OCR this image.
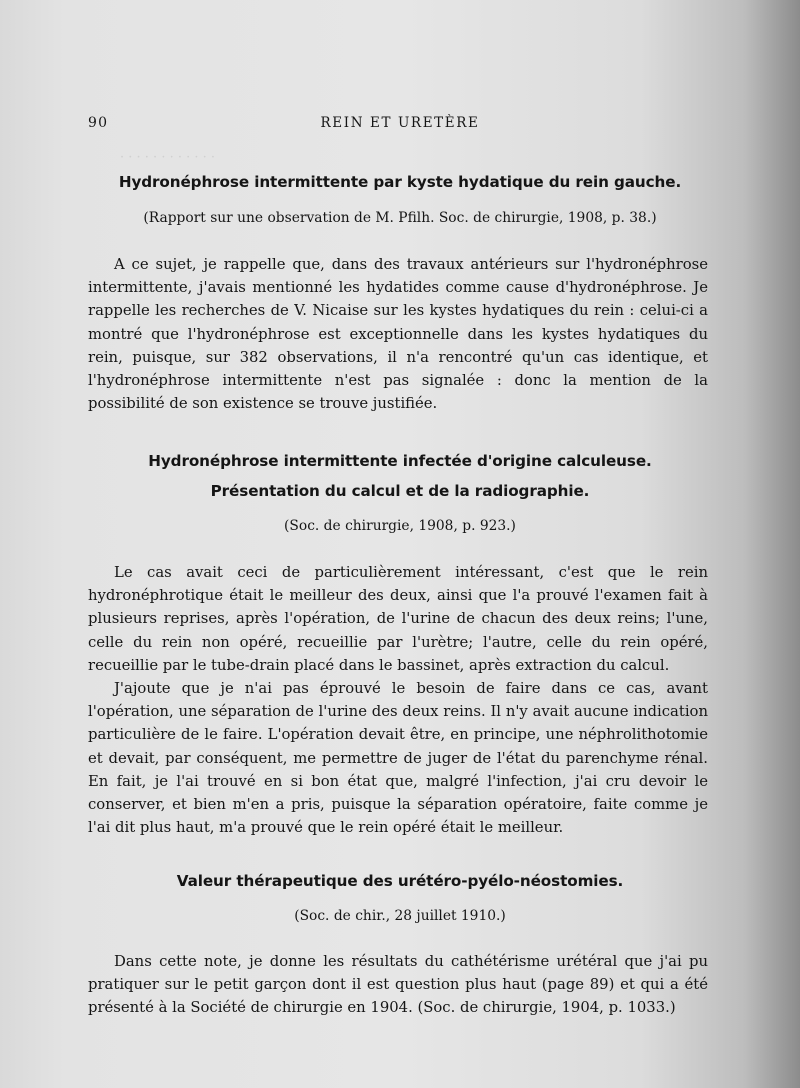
· · · · · · · · · · · ·
90	REIN ET URETÈRE
Hydronéphrose intermittente par kyste hydatique du rein gauche.
(Rapport sur une observation de M. Pfilh. Soc. de chirurgie, 1908, p. 38.)

A ce sujet, je rappelle que, dans des travaux antérieurs sur l'hydronéphrose intermittente, j'avais mentionné les hydatides comme cause d'hydronéphrose. Je rappelle les recherches de V. Nicaise sur les kystes hydatiques du rein : celui-ci a montré que l'hydronéphrose est exceptionnelle dans les kystes hydatiques du rein, puisque, sur 382 observations, il n'a rencontré qu'un cas identique, et l'hydronéphrose intermittente n'est pas signalée : donc la mention de la possibilité de son existence se trouve justifiée.

Hydronéphrose intermittente infectée d'origine calculeuse.
Présentation du calcul et de la radiographie.
(Soc. de chirurgie, 1908, p. 923.)

Le cas avait ceci de particulièrement intéressant, c'est que le rein hydronéphrotique était le meilleur des deux, ainsi que l'a prouvé l'examen fait à plusieurs reprises, après l'opération, de l'urine de chacun des deux reins; l'une, celle du rein non opéré, recueillie par l'urètre; l'autre, celle du rein opéré, recueillie par le tube-drain placé dans le bassinet, après extraction du calcul.

J'ajoute que je n'ai pas éprouvé le besoin de faire dans ce cas, avant l'opération, une séparation de l'urine des deux reins. Il n'y avait aucune indication particulière de le faire. L'opération devait être, en principe, une néphrolithotomie et devait, par conséquent, me permettre de juger de l'état du parenchyme rénal. En fait, je l'ai trouvé en si bon état que, malgré l'infection, j'ai cru devoir le conserver, et bien m'en a pris, puisque la séparation opératoire, faite comme je l'ai dit plus haut, m'a prouvé que le rein opéré était le meilleur.

Valeur thérapeutique des urétéro-pyélo-néostomies.
(Soc. de chir., 28 juillet 1910.)

Dans cette note, je donne les résultats du cathétérisme urétéral que j'ai pu pratiquer sur le petit garçon dont il est question plus haut (page 89) et qui a été présenté à la Société de chirurgie en 1904. (Soc. de chirurgie, 1904, p. 1033.)
